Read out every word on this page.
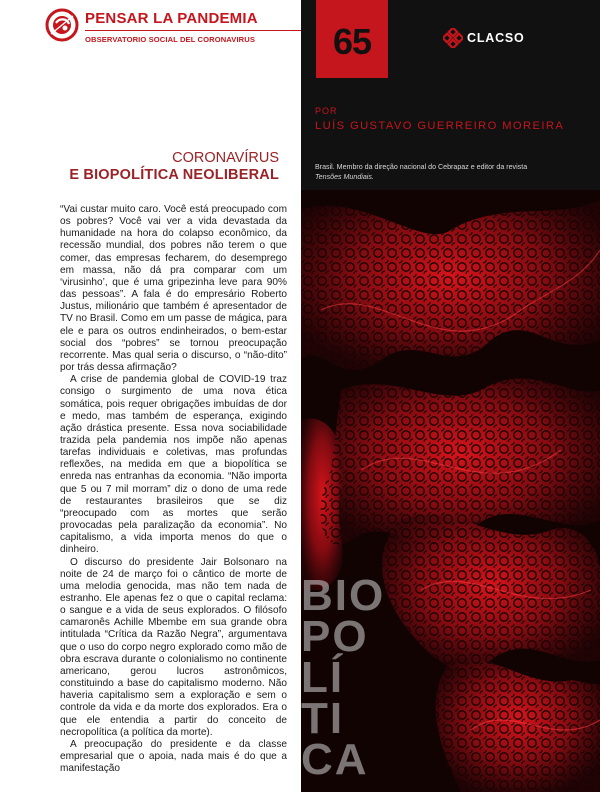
PENSAR LA PANDEMIA
OBSERVATORIO SOCIAL DEL CORONAVIRUS
CORONAVÍRUS
E BIOPOLÍTICA NEOLIBERAL

“Vai custar muito caro. Você está preocupado com os pobres? Você vai ver a vida devastada da humanidade na hora do colapso econômico, da recessão mundial, dos pobres não terem o que comer, das empresas fecharem, do desemprego em massa, não dá pra comparar com um ‘virusinho’, que é uma gripezinha leve para 90% das pessoas”. A fala é do empresário Roberto Justus, milionário que também é apresentador de TV no Brasil. Como em um passe de mágica, para ele e para os outros endinheirados, o bem-estar social dos “pobres” se tornou preocupação recorrente. Mas qual seria o discurso, o “não-dito” por trás dessa afirmação?

A crise de pandemia global de COVID-19 traz consigo o surgimento de uma nova ética somática, pois requer obrigações imbuídas de dor e medo, mas também de esperança, exigindo ação drástica presente. Essa nova sociabilidade trazida pela pandemia nos impõe não apenas tarefas individuais e coletivas, mas profundas reflexões, na medida em que a biopolítica se enreda nas entranhas da economia. “Não importa que 5 ou 7 mil morram” diz o dono de uma rede de restaurantes brasileiros que se diz “preocupado com as mortes que serão provocadas pela paralização da economia”. No capitalismo, a vida importa menos do que o dinheiro.

O discurso do presidente Jair Bolsonaro na noite de 24 de março foi o cântico de morte de uma melodia genocida, mas não tem nada de estranho. Ele apenas fez o que o capital reclama: o sangue e a vida de seus explorados. O filósofo camaronês Achille Mbembe em sua grande obra intitulada “Crítica da Razão Negra”, argumentava que o uso do corpo negro explorado como mão de obra escrava durante o colonialismo no continente americano, gerou lucros astronômicos, constituindo a base do capitalismo moderno. Não haveria capitalismo sem a exploração e sem o controle da vida e da morte dos explorados. Era o que ele entendia a partir do conceito de necropolítica (a política da morte).

A preocupação do presidente e da classe empresarial que o apoia, nada mais é do que a manifestação

65	CLACSO
POR
LUÍS GUSTAVO GUERREIRO MOREIRA
Brasil. Membro da direção nacional do Cebrapaz e editor da revista
Tensões Mundiais.
BIO
PO
LÍ
TI
CA
